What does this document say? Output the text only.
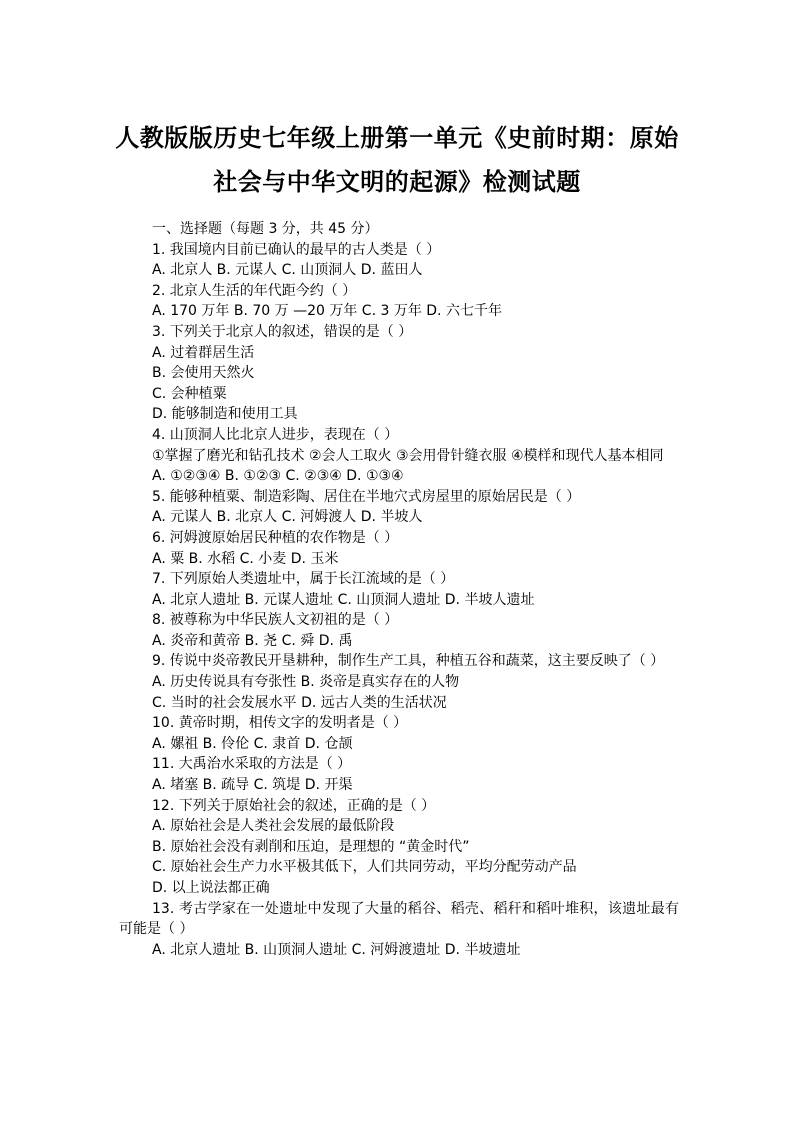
人教版版历史七年级上册第一单元《史前时期：原始
社会与中华文明的起源》检测试题
一、选择题（每题 3 分，共 45 分）
1. 我国境内目前已确认的最早的古人类是（ ）
A. 北京人 B. 元谋人 C. 山顶洞人 D. 蓝田人
2. 北京人生活的年代距今约（ ）
A. 170 万年 B. 70 万 —20 万年 C. 3 万年 D. 六七千年
3. 下列关于北京人的叙述，错误的是（ ）
A. 过着群居生活
B. 会使用天然火
C. 会种植粟
D. 能够制造和使用工具
4. 山顶洞人比北京人进步，表现在（ ）
①掌握了磨光和钻孔技术 ②会人工取火 ③会用骨针缝衣服 ④模样和现代人基本相同
A. ①②③④ B. ①②③ C. ②③④ D. ①③④
5. 能够种植粟、制造彩陶、居住在半地穴式房屋里的原始居民是（ ）
A. 元谋人 B. 北京人 C. 河姆渡人 D. 半坡人
6. 河姆渡原始居民种植的农作物是（ ）
A. 粟 B. 水稻 C. 小麦 D. 玉米
7. 下列原始人类遗址中，属于长江流域的是（ ）
A. 北京人遗址 B. 元谋人遗址 C. 山顶洞人遗址 D. 半坡人遗址
8. 被尊称为中华民族人文初祖的是（ ）
A. 炎帝和黄帝 B. 尧 C. 舜 D. 禹
9. 传说中炎帝教民开垦耕种，制作生产工具，种植五谷和蔬菜，这主要反映了（ ）
A. 历史传说具有夸张性 B. 炎帝是真实存在的人物
C. 当时的社会发展水平 D. 远古人类的生活状况
10. 黄帝时期，相传文字的发明者是（ ）
A. 嫘祖 B. 伶伦 C. 隶首 D. 仓颉
11. 大禹治水采取的方法是（ ）
A. 堵塞 B. 疏导 C. 筑堤 D. 开渠
12. 下列关于原始社会的叙述，正确的是（ ）
A. 原始社会是人类社会发展的最低阶段
B. 原始社会没有剥削和压迫，是理想的 “黄金时代”
C. 原始社会生产力水平极其低下，人们共同劳动，平均分配劳动产品
D. 以上说法都正确
13. 考古学家在一处遗址中发现了大量的稻谷、稻壳、稻秆和稻叶堆积，该遗址最有可能是（ ）
A. 北京人遗址 B. 山顶洞人遗址 C. 河姆渡遗址 D. 半坡遗址
